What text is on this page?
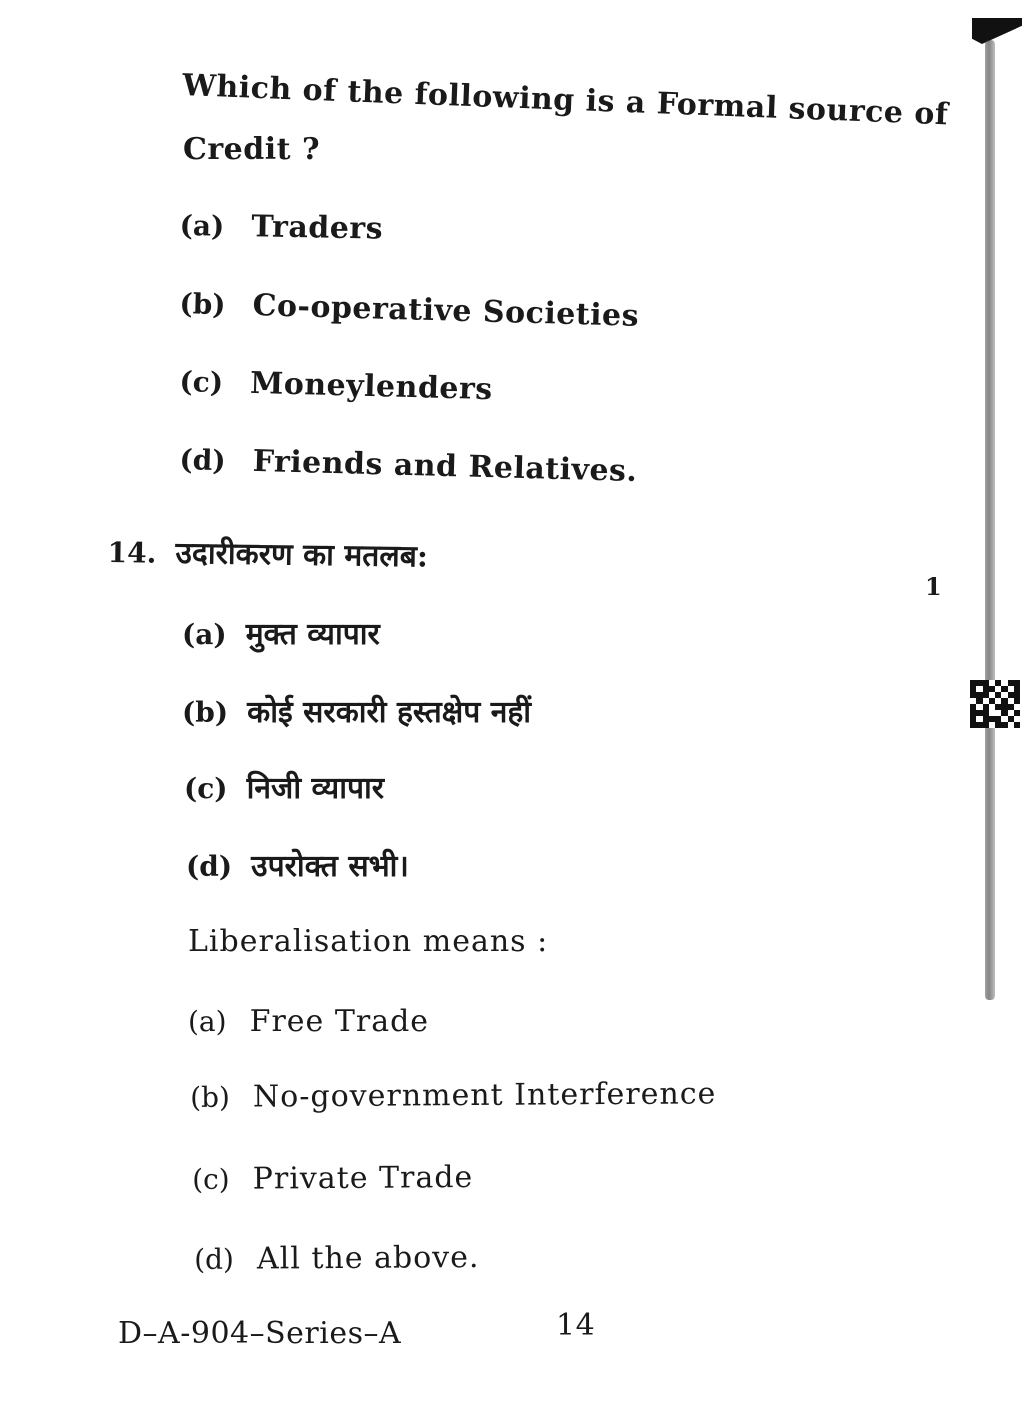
Which of the following is a Formal source of
Credit ?
(a) Traders
(b) Co-operative Societies
(c) Moneylenders
(d) Friends and Relatives.
14. उदारीकरण का मतलब:
1
(a) मुक्त व्यापार
(b) कोई सरकारी हस्तक्षेप नहीं
(c) निजी व्यापार
(d) उपरोक्त सभी।
Liberalisation means :
(a) Free Trade
(b) No-government Interference
(c) Private Trade
(d) All the above.
D–A-904–Series–A	14
